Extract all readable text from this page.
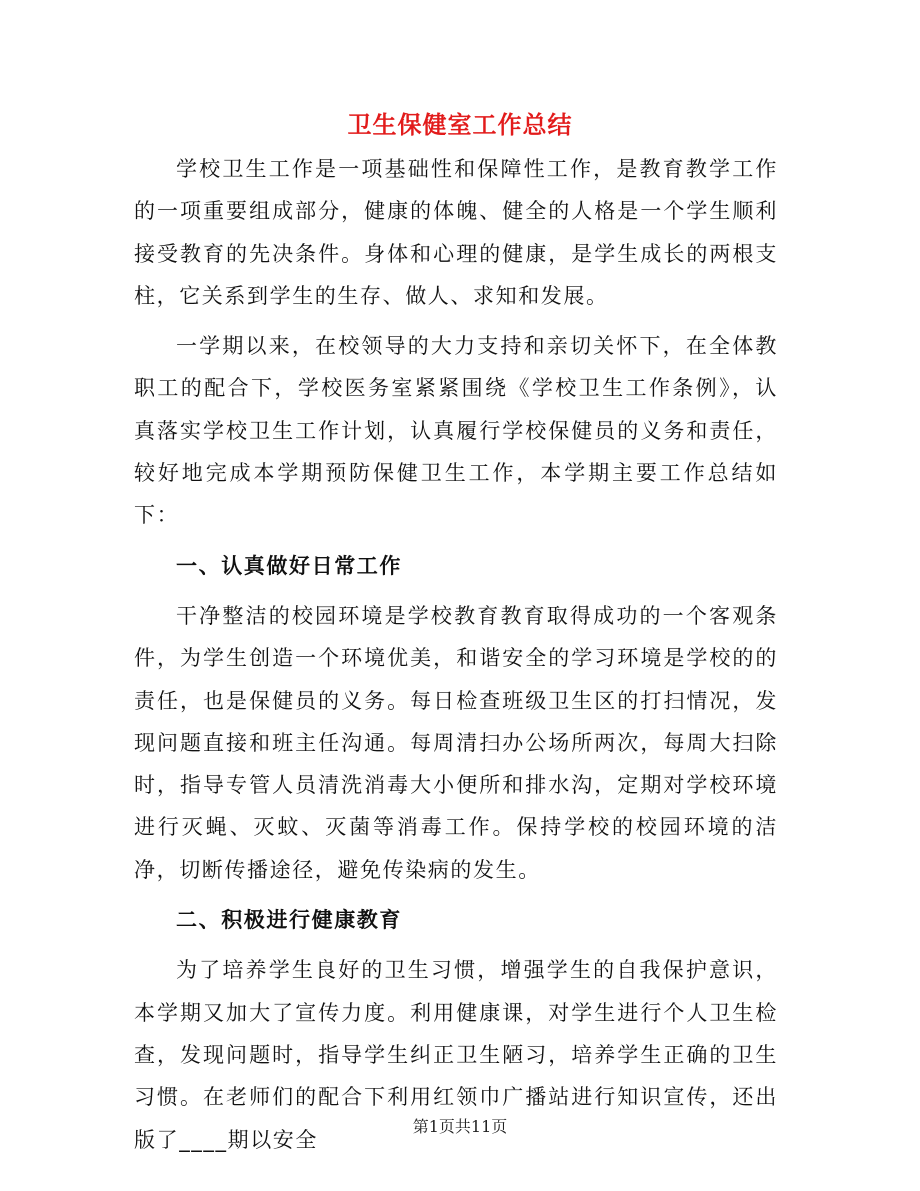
卫生保健室工作总结

学校卫生工作是一项基础性和保障性工作，是教育教学工作的一项重要组成部分，健康的体魄、健全的人格是一个学生顺利接受教育的先决条件。身体和心理的健康，是学生成长的两根支柱，它关系到学生的生存、做人、求知和发展。

一学期以来，在校领导的大力支持和亲切关怀下，在全体教职工的配合下，学校医务室紧紧围绕《学校卫生工作条例》，认真落实学校卫生工作计划，认真履行学校保健员的义务和责任，较好地完成本学期预防保健卫生工作，本学期主要工作总结如下：

一、认真做好日常工作

干净整洁的校园环境是学校教育教育取得成功的一个客观条件，为学生创造一个环境优美，和谐安全的学习环境是学校的的责任，也是保健员的义务。每日检查班级卫生区的打扫情况，发现问题直接和班主任沟通。每周清扫办公场所两次，每周大扫除时，指导专管人员清洗消毒大小便所和排水沟，定期对学校环境进行灭蝇、灭蚊、灭菌等消毒工作。保持学校的校园环境的洁净，切断传播途径，避免传染病的发生。

二、积极进行健康教育

为了培养学生良好的卫生习惯，增强学生的自我保护意识，本学期又加大了宣传力度。利用健康课，对学生进行个人卫生检查，发现问题时，指导学生纠正卫生陋习，培养学生正确的卫生习惯。在老师们的配合下利用红领巾广播站进行知识宣传，还出版了____期以安全

第1页共11页
